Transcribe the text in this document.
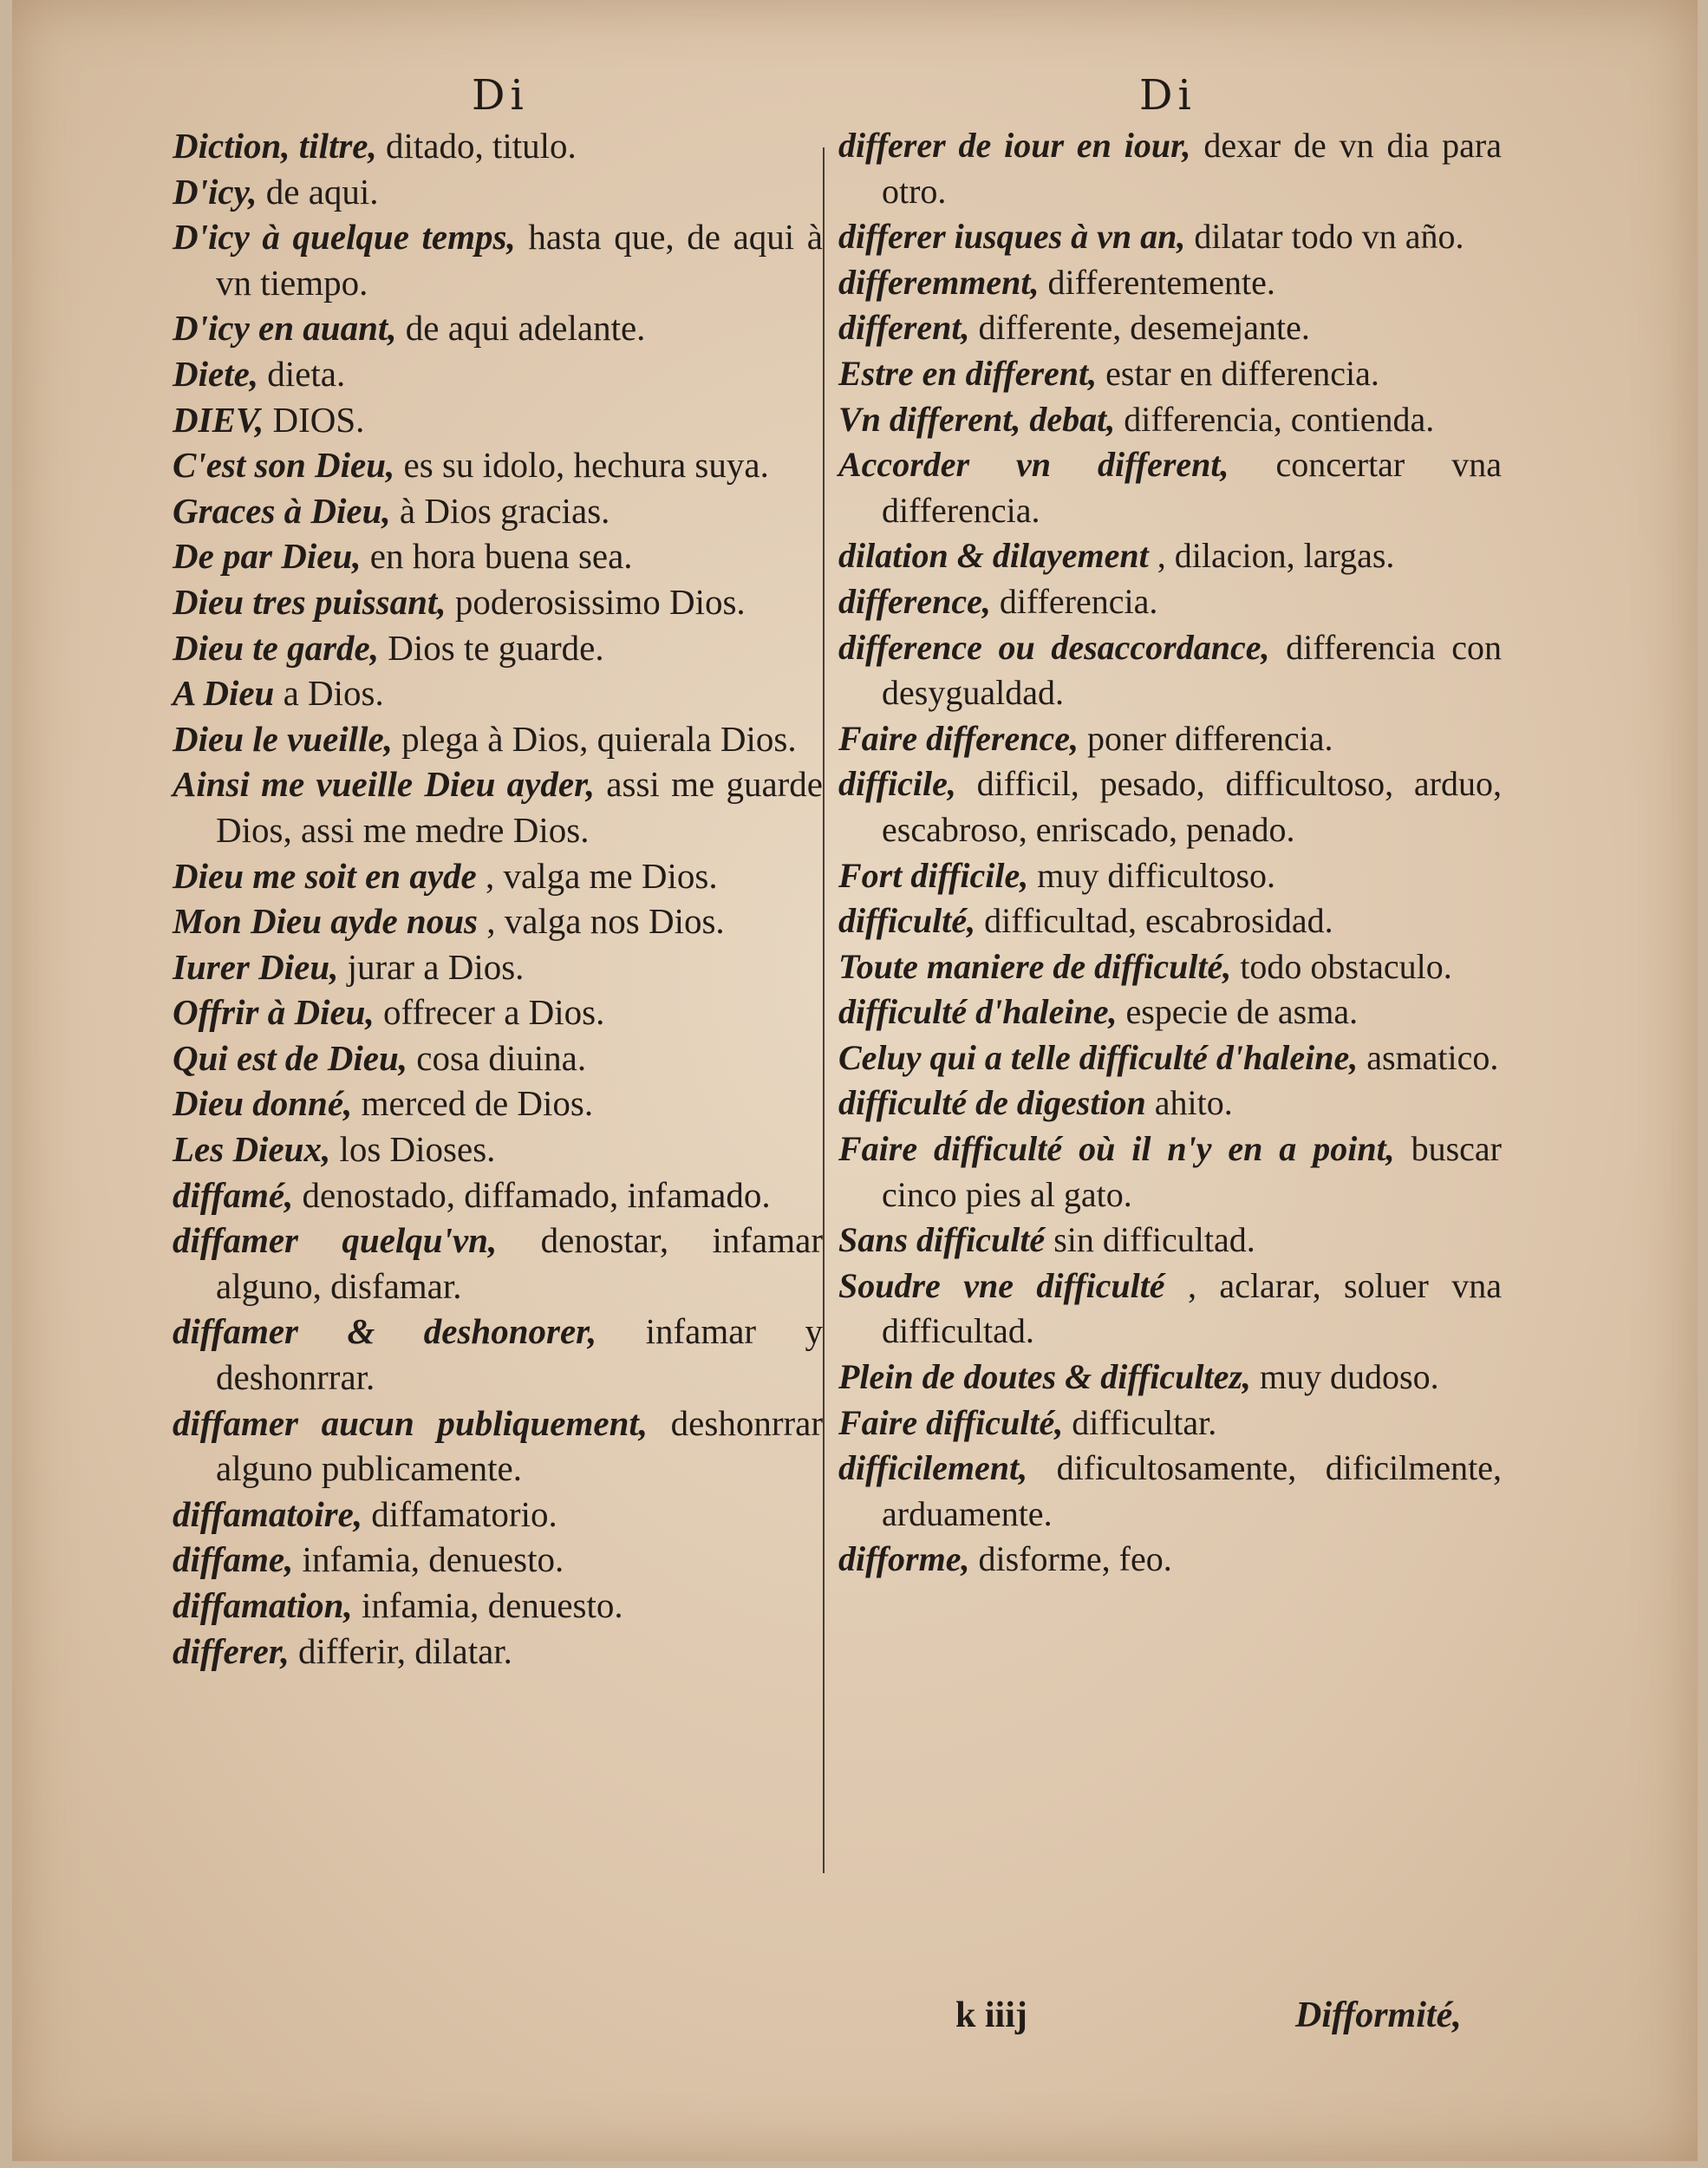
Di	Di
Diction, tiltre, ditado, titulo.
D'icy, de aqui.
D'icy à quelque temps, hasta que, de aqui à vn tiempo.
D'icy en auant, de aqui adelante.
Diete, dieta.
DIEV, DIOS.
C'est son Dieu, es su idolo, hechura suya.
Graces à Dieu, à Dios gracias.
De par Dieu, en hora buena sea.
Dieu tres puissant, poderosissimo Dios.
Dieu te garde, Dios te guarde.
A Dieu a Dios.
Dieu le vueille, plega à Dios, quierala Dios.
Ainsi me vueille Dieu ayder, assi me guarde Dios, assi me medre Dios.
Dieu me soit en ayde , valga me Dios.
Mon Dieu ayde nous , valga nos Dios.
Iurer Dieu, jurar a Dios.
Offrir à Dieu, offrecer a Dios.
Qui est de Dieu, cosa diuina.
Dieu donné, merced de Dios.
Les Dieux, los Dioses.
diffamé, denostado, diffamado, infamado.
diffamer quelqu'vn, denostar, infamar alguno, disfamar.
diffamer & deshonorer, infamar y deshonrrar.
diffamer aucun publiquement, deshonrrar alguno publicamente.
diffamatoire, diffamatorio.
diffame, infamia, denuesto.
diffamation, infamia, denuesto.
differer, differir, dilatar.
differer de iour en iour, dexar de vn dia para otro.
differer iusques à vn an, dilatar todo vn año.
differemment, differentemente.
different, differente, desemejante.
Estre en different, estar en differencia.
Vn different, debat, differencia, contienda.
Accorder vn different, concertar vna differencia.
dilation & dilayement , dilacion, largas.
difference, differencia.
difference ou desaccordance, differencia con desygualdad.
Faire difference, poner differencia.
difficile, difficil, pesado, difficultoso, arduo, escabroso, enriscado, penado.
Fort difficile, muy difficultoso.
difficulté, difficultad, escabrosidad.
Toute maniere de difficulté, todo obstaculo.
difficulté d'haleine, especie de asma.
Celuy qui a telle difficulté d'haleine, asmatico.
difficulté de digestion ahito.
Faire difficulté où il n'y en a point, buscar cinco pies al gato.
Sans difficulté sin difficultad.
Soudre vne difficulté , aclarar, soluer vna difficultad.
Plein de doutes & difficultez, muy dudoso.
Faire difficulté, difficultar.
difficilement, dificultosamente, dificilmente, arduamente.
difforme, disforme, feo.
k iiij	Difformité,
